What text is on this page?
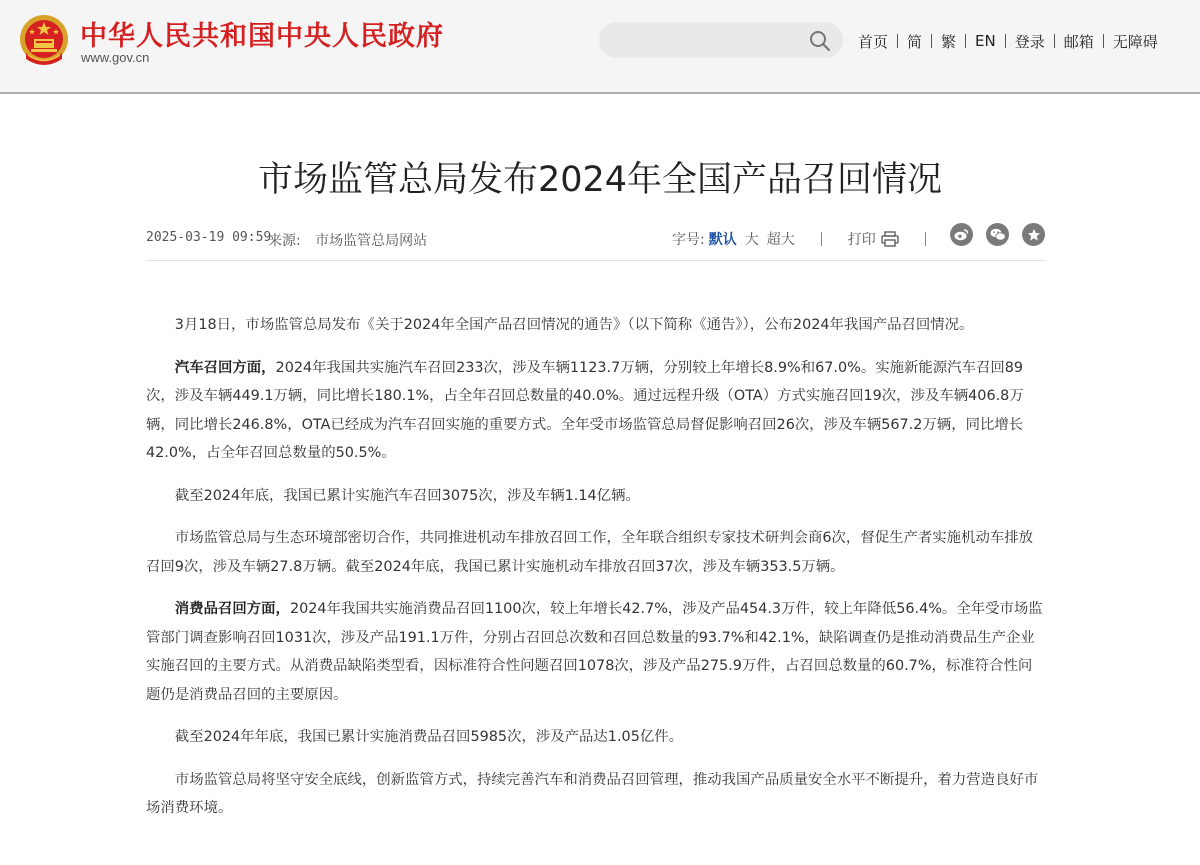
中华人民共和国中央人民政府
www.gov.cn
首页 简 繁 EN 登录 邮箱 无障碍
市场监管总局发布2024年全国产品召回情况
2025-03-19 09:59
来源: 市场监管总局网站	字号: 默认 大 超大	打印

3月18日，市场监管总局发布《关于2024年全国产品召回情况的通告》（以下简称《通告》），公布2024年我国产品召回情况。

汽车召回方面，2024年我国共实施汽车召回233次，涉及车辆1123.7万辆，分别较上年增长8.9%和67.0%。实施新能源汽车召回89次，涉及车辆449.1万辆，同比增长180.1%，占全年召回总数量的40.0%。通过远程升级（OTA）方式实施召回19次，涉及车辆406.8万辆，同比增长246.8%，OTA已经成为汽车召回实施的重要方式。全年受市场监管总局督促影响召回26次，涉及车辆567.2万辆，同比增长42.0%，占全年召回总数量的50.5%。

截至2024年底，我国已累计实施汽车召回3075次，涉及车辆1.14亿辆。

市场监管总局与生态环境部密切合作，共同推进机动车排放召回工作，全年联合组织专家技术研判会商6次，督促生产者实施机动车排放召回9次，涉及车辆27.8万辆。截至2024年底，我国已累计实施机动车排放召回37次，涉及车辆353.5万辆。

消费品召回方面，2024年我国共实施消费品召回1100次，较上年增长42.7%，涉及产品454.3万件，较上年降低56.4%。全年受市场监管部门调查影响召回1031次，涉及产品191.1万件，分别占召回总次数和召回总数量的93.7%和42.1%，缺陷调查仍是推动消费品生产企业实施召回的主要方式。从消费品缺陷类型看，因标准符合性问题召回1078次，涉及产品275.9万件，占召回总数量的60.7%，标准符合性问题仍是消费品召回的主要原因。

截至2024年年底，我国已累计实施消费品召回5985次，涉及产品达1.05亿件。

市场监管总局将坚守安全底线，创新监管方式，持续完善汽车和消费品召回管理，推动我国产品质量安全水平不断提升，着力营造良好市场消费环境。
